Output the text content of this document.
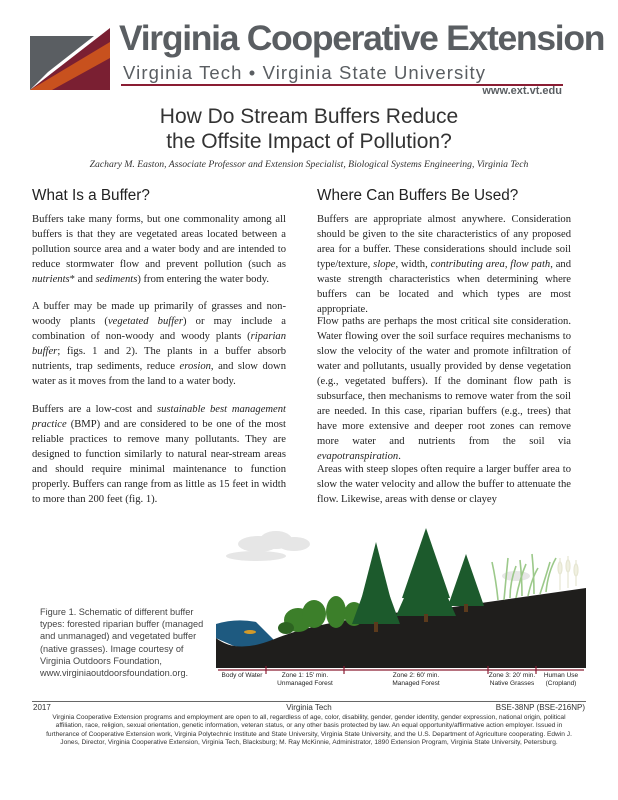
Virginia Cooperative Extension
Virginia Tech • Virginia State University
www.ext.vt.edu
How Do Stream Buffers Reduce
the Offsite Impact of Pollution?
Zachary M. Easton, Associate Professor and Extension Specialist, Biological Systems Engineering, Virginia Tech
What Is a Buffer?
Buffers take many forms, but one commonality among all buffers is that they are vegetated areas located between a pollution source area and a water body and are intended to reduce stormwater flow and prevent pollution (such as nutrients* and sediments) from entering the water body.
A buffer may be made up primarily of grasses and non-woody plants (vegetated buffer) or may include a combination of non-woody and woody plants (riparian buffer; figs. 1 and 2). The plants in a buffer absorb nutrients, trap sediments, reduce erosion, and slow down water as it moves from the land to a water body.
Buffers are a low-cost and sustainable best management practice (BMP) and are considered to be one of the most reliable practices to remove many pollutants. They are designed to function similarly to natural near-stream areas and should require minimal maintenance to function properly. Buffers can range from as little as 15 feet in width to more than 200 feet (fig. 1).
Where Can Buffers Be Used?
Buffers are appropriate almost anywhere. Consideration should be given to the site characteristics of any proposed area for a buffer. These considerations should include soil type/texture, slope, width, contributing area, flow path, and waste strength characteristics when determining where buffers can be located and which types are most appropriate.
Flow paths are perhaps the most critical site consideration. Water flowing over the soil surface requires mechanisms to slow the velocity of the water and promote infiltration of water and pollutants, usually provided by dense vegetation (e.g., vegetated buffers). If the dominant flow path is subsurface, then mechanisms to remove water from the soil are needed. In this case, riparian buffers (e.g., trees) that have more extensive and deeper root zones can remove more water and nutrients from the soil via evapotranspiration.
Areas with steep slopes often require a larger buffer area to slow the water velocity and allow the buffer to attenuate the flow. Likewise, areas with dense or clayey
Body of Water	Zone 1: 15' min.
Unmanaged Forest
Zone 2: 60' min.
Managed Forest
Zone 3: 20' min.
Native Grasses
Human Use
(Cropland)
Figure 1. Schematic of different buffer types: forested riparian buffer (managed and unmanaged) and vegetated buffer (native grasses). Image courtesy of Virginia Outdoors Foundation, www.virginiaoutdoorsfoundation.org.
2017	Virginia Tech	BSE-38NP (BSE-216NP)
Virginia Cooperative Extension programs and employment are open to all, regardless of age, color, disability, gender, gender identity, gender expression, national origin, political affiliation, race, religion, sexual orientation, genetic information, veteran status, or any other basis protected by law. An equal opportunity/affirmative action employer. Issued in furtherance of Cooperative Extension work, Virginia Polytechnic Institute and State University, Virginia State University, and the U.S. Department of Agriculture cooperating. Edwin J. Jones, Director, Virginia Cooperative Extension, Virginia Tech, Blacksburg; M. Ray McKinnie, Administrator, 1890 Extension Program, Virginia State University, Petersburg.
